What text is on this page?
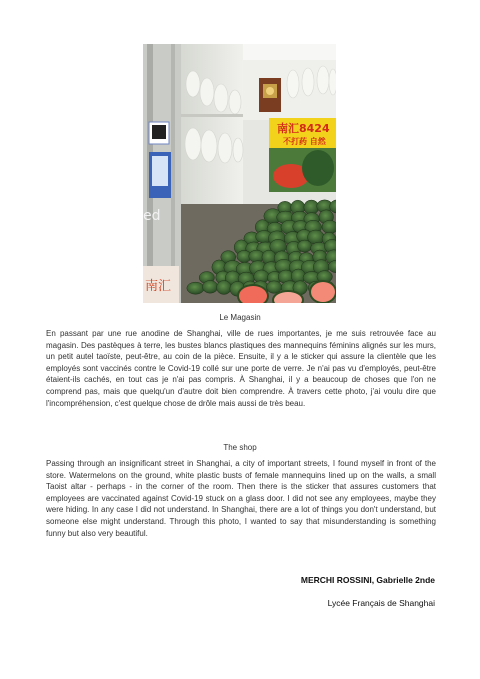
南汇8424
不打药 自然
ed
南汇
Le Magasin

En passant par une rue anodine de Shanghai, ville de rues importantes, je me suis retrouvée face au magasin. Des pastèques à terre, les bustes blancs plastiques des mannequins féminins alignés sur les murs, un petit autel taoïste, peut-être, au coin de la pièce. Ensuite, il y a le sticker qui assure la clientèle que les employés sont vaccinés contre le Covid-19 collé sur une porte de verre. Je n'ai pas vu d'employés, peut-être étaient-ils cachés, en tout cas je n'ai pas compris. À Shanghai, il y a beaucoup de choses que l'on ne comprend pas, mais que quelqu'un d'autre doit bien comprendre. À travers cette photo, j'ai voulu dire que l'incompréhension, c'est quelque chose de drôle mais aussi de très beau.

The shop

Passing through an insignificant street in Shanghai, a city of important streets, I found myself in front of the store. Watermelons on the ground, white plastic busts of female mannequins lined up on the walls, a small Taoist altar - perhaps - in the corner of the room. Then there is the sticker that assures customers that employees are vaccinated against Covid-19 stuck on a glass door. I did not see any employees, maybe they were hiding. In any case I did not understand. In Shanghai, there are a lot of things you don't understand, but someone else might understand. Through this photo, I wanted to say that misunderstanding is something funny but also very beautiful.

MERCHI ROSSINI, Gabrielle 2nde
Lycée Français de Shanghai
